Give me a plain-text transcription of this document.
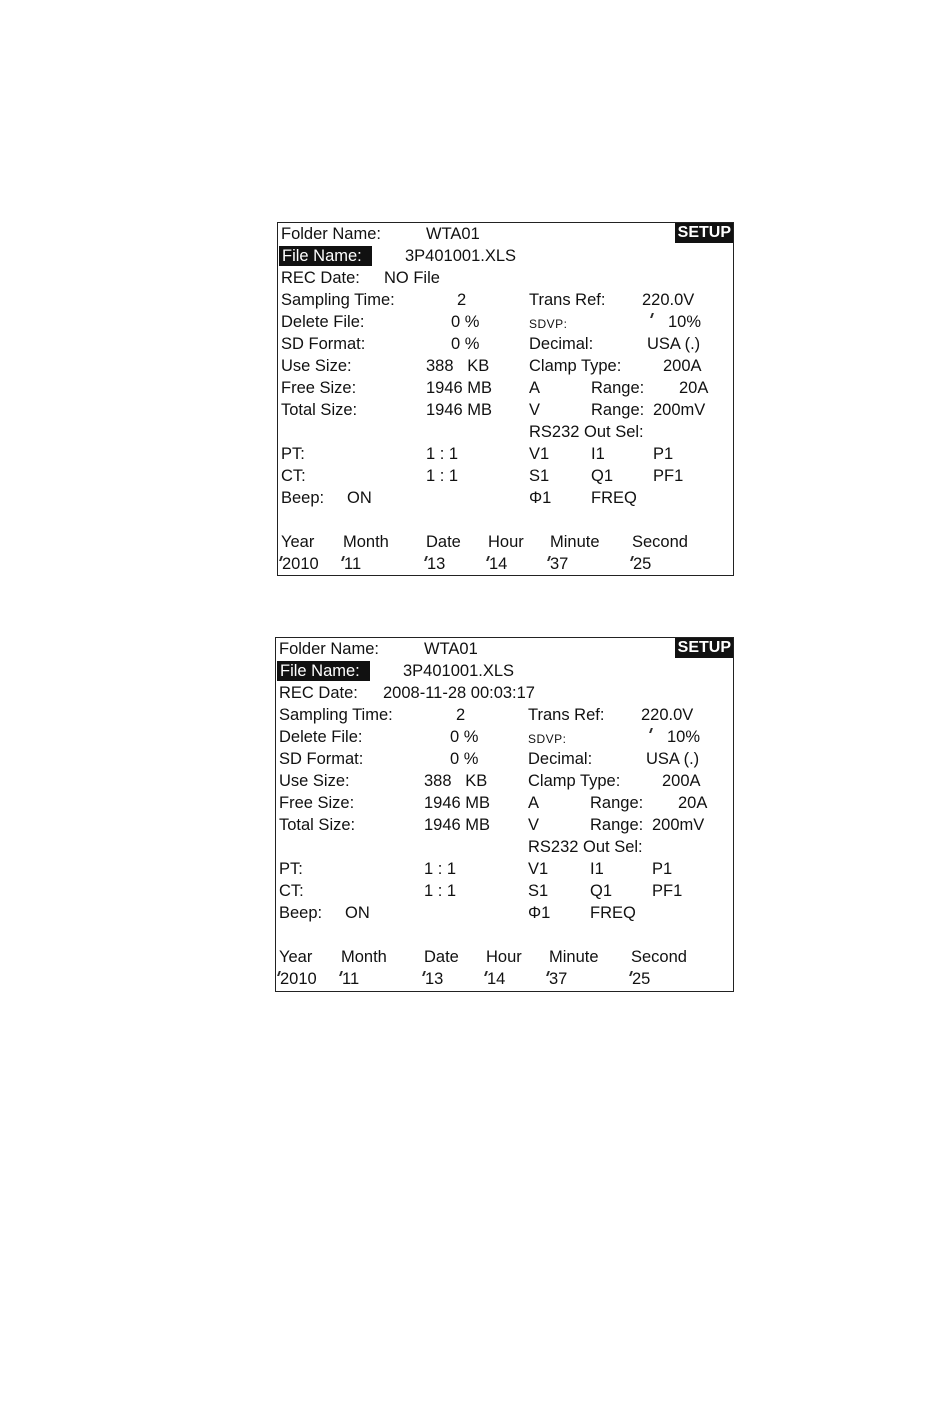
Folder Name:	WTA01	SETUP
File Name:	3P401001.XLS
REC Date: NO File
Sampling Time:	2
Delete File:	0 %
SD Format:	0 %
Use Size:	388   KB
Free Size:	1946 MB
Total Size:	1946 MB
PT:	1 : 1
CT:	1 : 1
Beep: ON
Trans Ref: 220.0V
SDVP:	10%
Decimal:	USA (.)
Clamp Type:	200A
A	Range: 20A
V	Range: 200mV
RS232 Out Sel:
V1	I1	P1
S1	Q1 PF1
Φ1 FREQ
Year Month Date Hour Minute Second
2010 11	13	14	37	25
Folder Name:	WTA01	SETUP
File Name:	3P401001.XLS
REC Date: 2008-11-28 00:03:17
Sampling Time:	2
Delete File:	0 %
SD Format:	0 %
Use Size:	388   KB
Free Size:	1946 MB
Total Size:	1946 MB
PT:	1 : 1
CT:	1 : 1
Beep: ON
Trans Ref: 220.0V
SDVP:	10%
Decimal:	USA (.)
Clamp Type:	200A
A	Range: 20A
V	Range: 200mV
RS232 Out Sel:
V1	I1	P1
S1	Q1 PF1
Φ1 FREQ
Year Month Date Hour Minute Second
2010 11	13	14	37	25
